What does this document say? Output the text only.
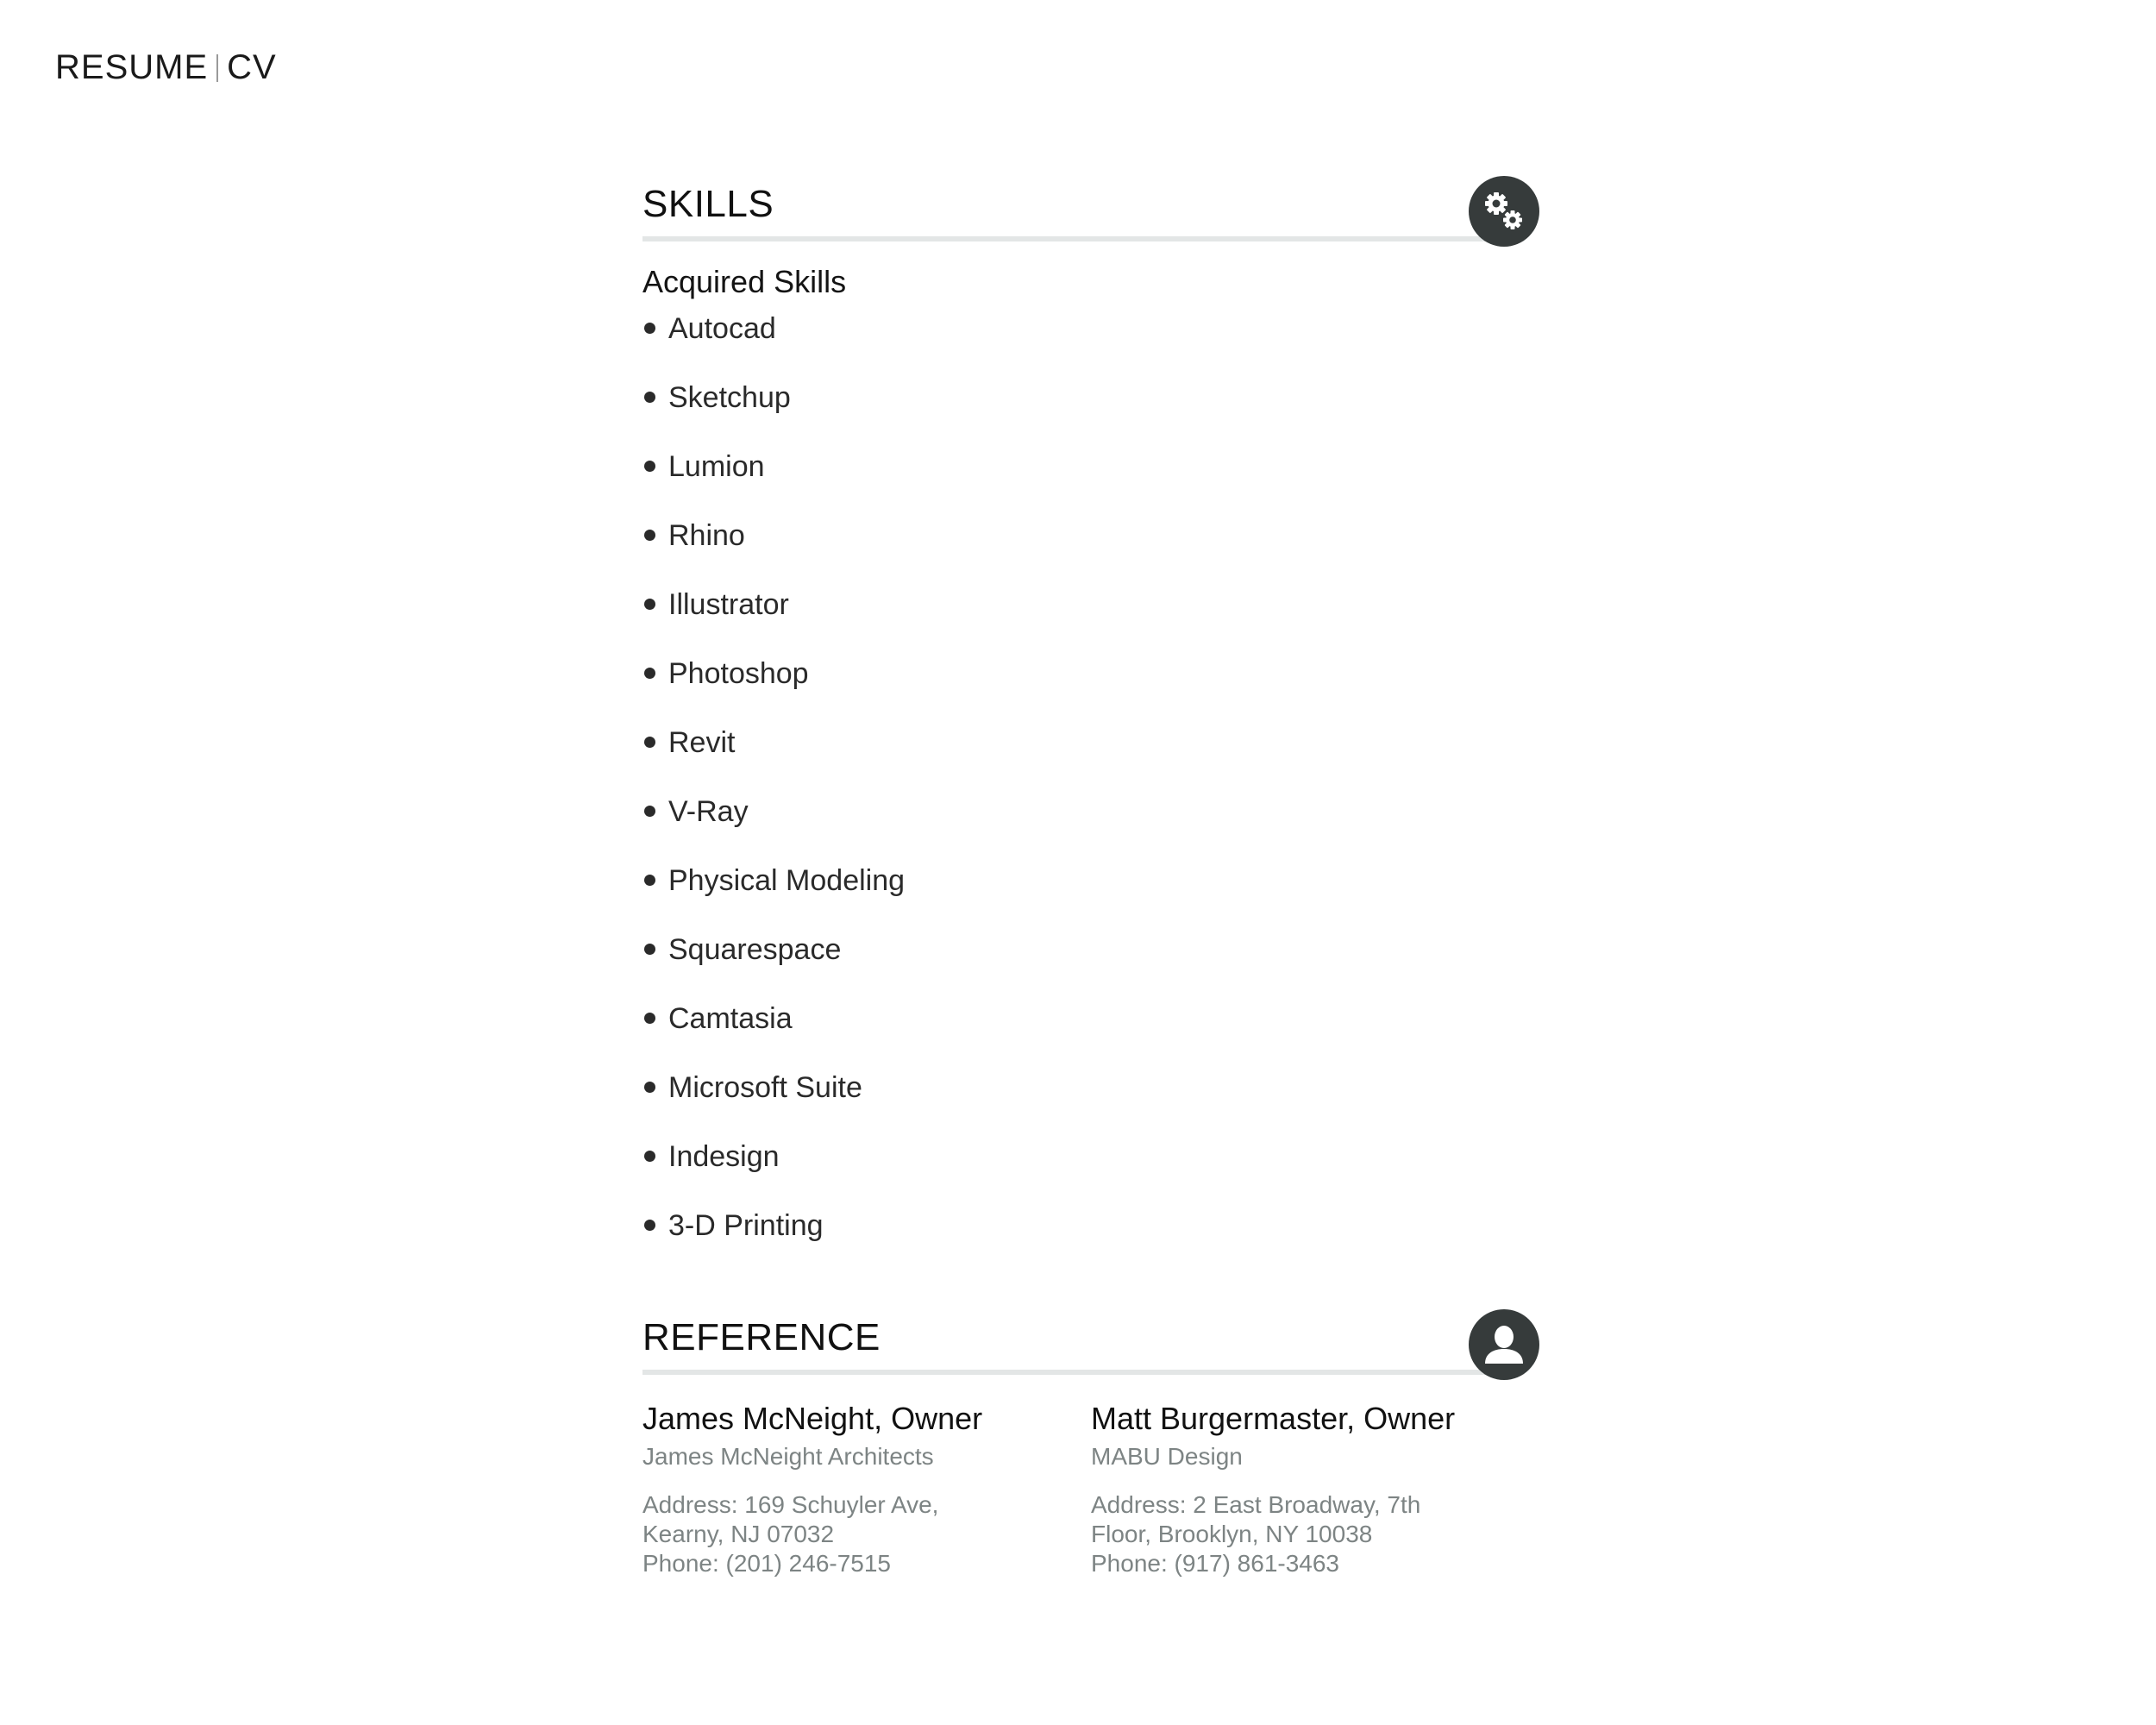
RESUME CV
SKILLS
Acquired Skills
Autocad
Sketchup
Lumion
Rhino
Illustrator
Photoshop
Revit
V-Ray
Physical Modeling
Squarespace
Camtasia
Microsoft Suite
Indesign
3-D Printing
REFERENCE
James McNeight, Owner
James McNeight Architects
Address: 169 Schuyler Ave, Kearny, NJ 07032
Phone: (201) 246-7515
Matt Burgermaster, Owner
MABU Design
Address: 2 East Broadway, 7th Floor, Brooklyn, NY 10038
Phone: (917) 861-3463
